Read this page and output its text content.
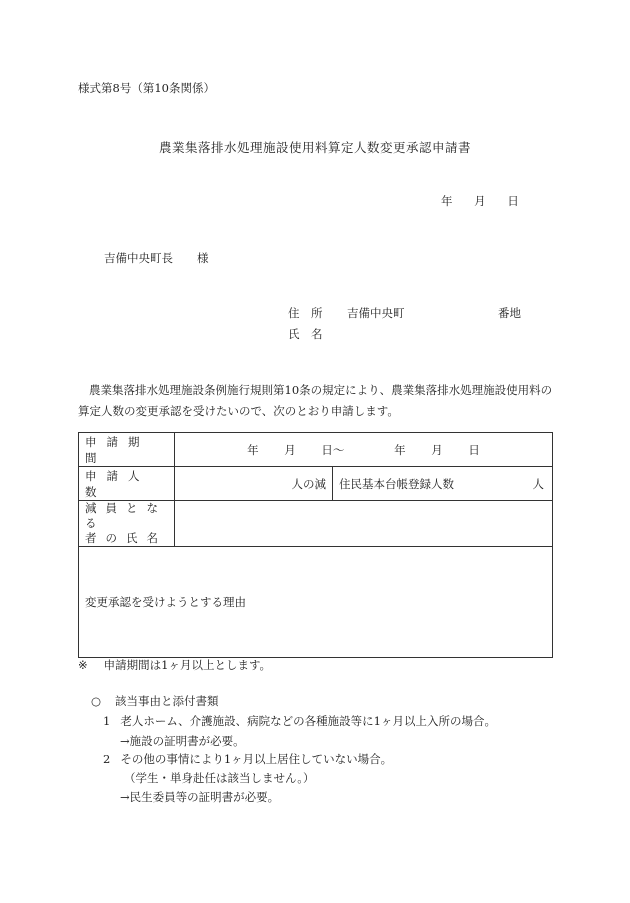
様式第8号（第10条関係）
農業集落排水処理施設使用料算定人数変更承認申請書
年 月 日
吉備中央町長 様
住　所 吉備中央町	番地
氏　名
農業集落排水処理施設条例施行規則第10条の規定により、農業集落排水処理施設使用料の算定人数の変更承認を受けたいので、次のとおり申請します。
申請期間	年 月 日～ 年 月 日	
申請人数	人の減	住民基本台帳登録人数 人

減員となる
者の氏名		

変更承認を受けようとする理由		
※ 申請期間は1ヶ月以上とします。
○ 該当事由と添付書類
1 老人ホーム、介護施設、病院などの各種施設等に1ヶ月以上入所の場合。
→施設の証明書が必要。
2 その他の事情により1ヶ月以上居住していない場合。
（学生・単身赴任は該当しません。）
→民生委員等の証明書が必要。
